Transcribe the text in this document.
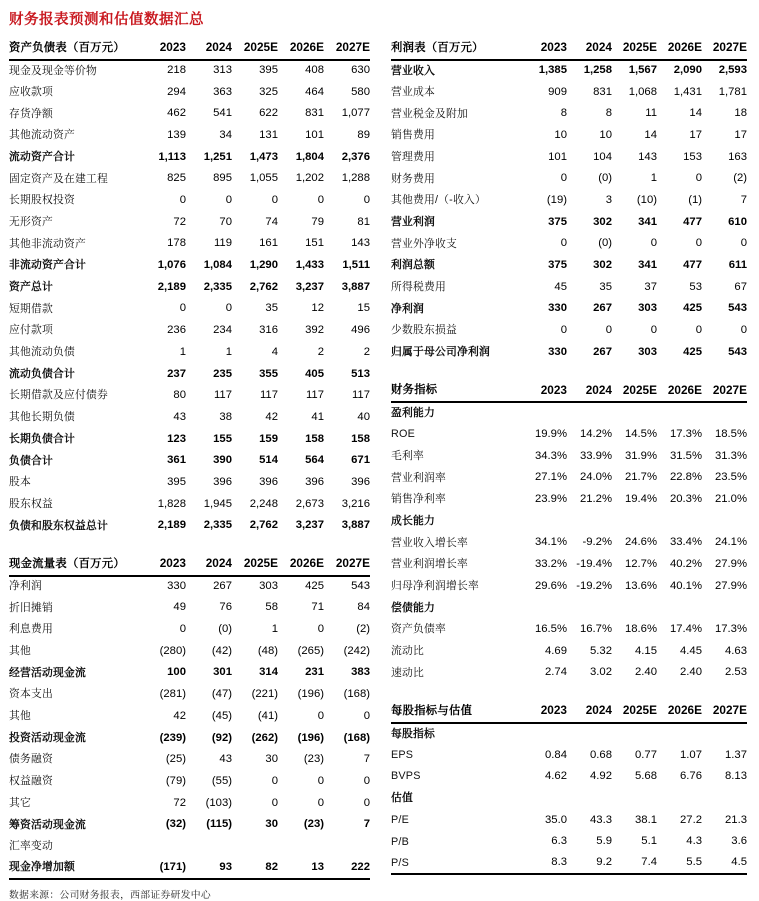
财务报表预测和估值数据汇总
资产负债表（百万元）	2023	2024	2025E	2026E	2027E
现金及现金等价物	218	313	395	408	630
应收款项	294	363	325	464	580
存货净额	462	541	622	831	1,077
其他流动资产	139	34	131	101	89
流动资产合计	1,113	1,251	1,473	1,804	2,376
固定资产及在建工程	825	895	1,055	1,202	1,288
长期股权投资	0	0	0	0	0
无形资产	72	70	74	79	81
其他非流动资产	178	119	161	151	143
非流动资产合计	1,076	1,084	1,290	1,433	1,511
资产总计	2,189	2,335	2,762	3,237	3,887
短期借款	0	0	35	12	15
应付款项	236	234	316	392	496
其他流动负债	1	1	4	2	2
流动负债合计	237	235	355	405	513
长期借款及应付债券	80	117	117	117	117
其他长期负债	43	38	42	41	40
长期负债合计	123	155	159	158	158
负债合计	361	390	514	564	671
股本	395	396	396	396	396
股东权益	1,828	1,945	2,248	2,673	3,216
负债和股东权益总计	2,189	2,335	2,762	3,237	3,887
现金流量表（百万元）	2023	2024	2025E	2026E	2027E
净利润	330	267	303	425	543
折旧摊销	49	76	58	71	84
利息费用	0	(0)	1	0	(2)
其他	(280)	(42)	(48)	(265)	(242)
经营活动现金流	100	301	314	231	383
资本支出	(281)	(47)	(221)	(196)	(168)
其他	42	(45)	(41)	0	0
投资活动现金流	(239)	(92)	(262)	(196)	(168)
债务融资	(25)	43	30	(23)	7
权益融资	(79)	(55)	0	0	0
其它	72	(103)	0	0	0
筹资活动现金流	(32)	(115)	30	(23)	7
汇率变动					
现金净增加额	(171)	93	82	13	222
数据来源：公司财务报表，西部证券研发中心
利润表（百万元）	2023	2024	2025E	2026E	2027E
营业收入	1,385	1,258	1,567	2,090	2,593
营业成本	909	831	1,068	1,431	1,781
营业税金及附加	8	8	11	14	18
销售费用	10	10	14	17	17
管理费用	101	104	143	153	163
财务费用	0	(0)	1	0	(2)
其他费用/（-收入）	(19)	3	(10)	(1)	7
营业利润	375	302	341	477	610
营业外净收支	0	(0)	0	0	0
利润总额	375	302	341	477	611
所得税费用	45	35	37	53	67
净利润	330	267	303	425	543
少数股东损益	0	0	0	0	0
归属于母公司净利润	330	267	303	425	543
财务指标	2023	2024	2025E	2026E	2027E
盈利能力					
ROE	19.9%	14.2%	14.5%	17.3%	18.5%
毛利率	34.3%	33.9%	31.9%	31.5%	31.3%
营业利润率	27.1%	24.0%	21.7%	22.8%	23.5%
销售净利率	23.9%	21.2%	19.4%	20.3%	21.0%
成长能力					
营业收入增长率	34.1%	-9.2%	24.6%	33.4%	24.1%
营业利润增长率	33.2%	-19.4%	12.7%	40.2%	27.9%
归母净利润增长率	29.6%	-19.2%	13.6%	40.1%	27.9%
偿债能力					
资产负债率	16.5%	16.7%	18.6%	17.4%	17.3%
流动比	4.69	5.32	4.15	4.45	4.63
速动比	2.74	3.02	2.40	2.40	2.53
每股指标与估值	2023	2024	2025E	2026E	2027E
每股指标					
EPS	0.84	0.68	0.77	1.07	1.37
BVPS	4.62	4.92	5.68	6.76	8.13
估值					
P/E	35.0	43.3	38.1	27.2	21.3
P/B	6.3	5.9	5.1	4.3	3.6
P/S	8.3	9.2	7.4	5.5	4.5
